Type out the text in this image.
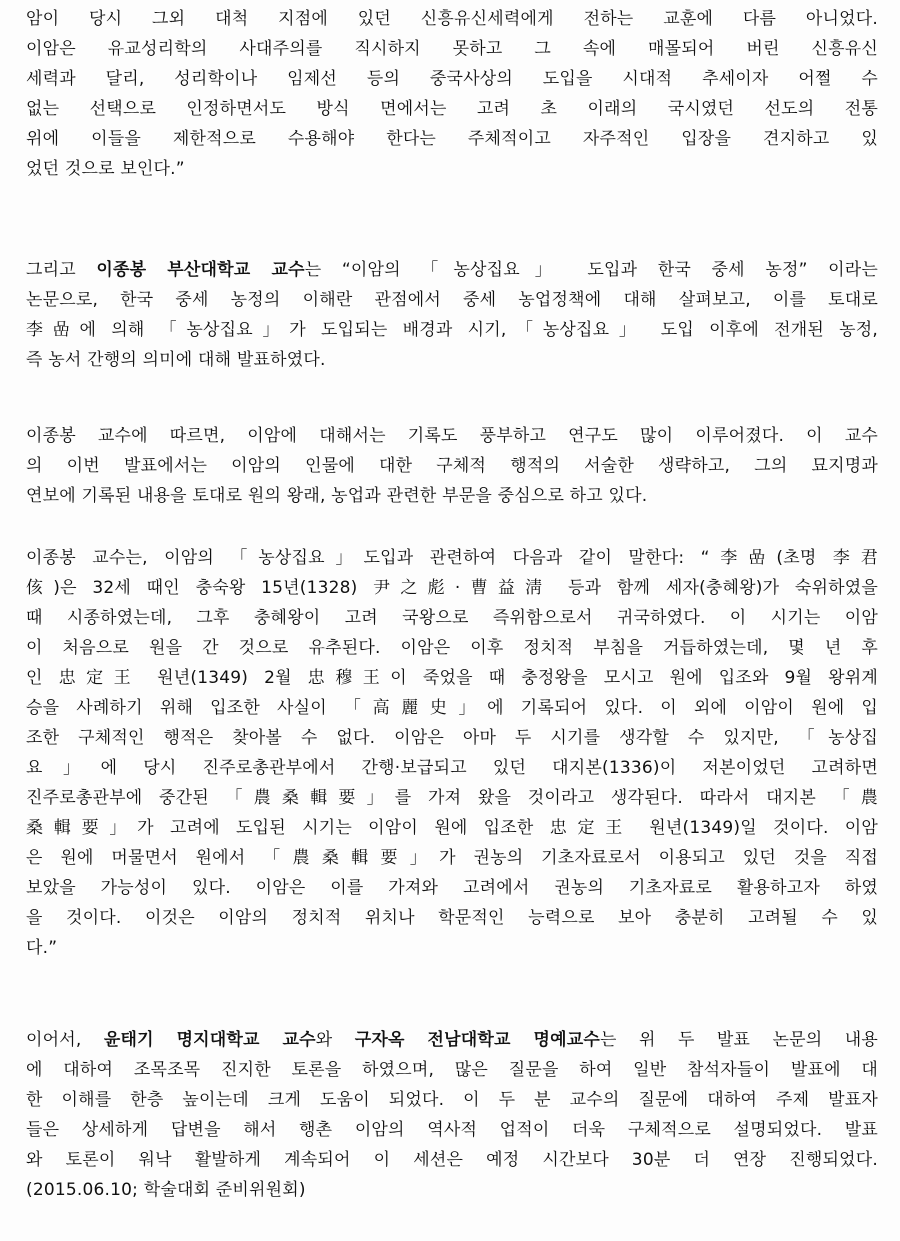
암이 당시 그외 대척 지점에 있던 신흥유신세력에게 전하는 교훈에 다름 아니었다.
이암은 유교성리학의 사대주의를 직시하지 못하고 그 속에 매몰되어 버린 신흥유신
세력과 달리, 성리학이나 임제선 등의 중국사상의 도입을 시대적 추세이자 어쩔 수
없는 선택으로 인정하면서도 방식 면에서는 고려 초 이래의 국시였던 선도의 전통
위에 이들을 제한적으로 수용해야 한다는 주체적이고 자주적인 입장을 견지하고 있
었던 것으로 보인다.”
그리고 이종봉 부산대학교 교수는 “이암의 「농상집요」 도입과 한국 중세 농정” 이라는
논문으로, 한국 중세 농정의 이해란 관점에서 중세 농업정책에 대해 살펴보고, 이를 토대로
李嵒에 의해 「농상집요」가 도입되는 배경과 시기,「농상집요」 도입 이후에 전개된 농정,
즉 농서 간행의 의미에 대해 발표하였다.
이종봉 교수에 따르면, 이암에 대해서는 기록도 풍부하고 연구도 많이 이루어졌다. 이 교수
의 이번 발표에서는 이암의 인물에 대한 구체적 행적의 서술한 생략하고, 그의 묘지명과
연보에 기록된 내용을 토대로 원의 왕래, 농업과 관련한 부문을 중심으로 하고 있다.
이종봉 교수는, 이암의 「농상집요」도입과 관련하여 다음과 같이 말한다: “李嵒(초명 李君
侅)은 32세 때인 충숙왕 15년(1328) 尹之彪·曹益淸 등과 함께 세자(충혜왕)가 숙위하였을
때 시종하였는데, 그후 충혜왕이 고려 국왕으로 즉위함으로서 귀국하였다. 이 시기는 이암
이 처음으로 원을 간 것으로 유추된다. 이암은 이후 정치적 부침을 거듭하였는데, 몇 년 후
인 忠定王 원년(1349) 2월 忠穆王이 죽었을 때 충정왕을 모시고 원에 입조와 9월 왕위계
승을 사례하기 위해 입조한 사실이 「高麗史」에 기록되어 있다. 이 외에 이암이 원에 입
조한 구체적인 행적은 찾아볼 수 없다. 이암은 아마 두 시기를 생각할 수 있지만, 「농상집
요」에 당시 진주로총관부에서 간행·보급되고 있던 대지본(1336)이 저본이었던 고려하면
진주로총관부에 중간된 「農桑輯要」를 가져 왔을 것이라고 생각된다. 따라서 대지본 「農
桑輯要」가 고려에 도입된 시기는 이암이 원에 입조한 忠定王 원년(1349)일 것이다. 이암
은 원에 머물면서 원에서 「農桑輯要」가 권농의 기초자료로서 이용되고 있던 것을 직접
보았을 가능성이 있다. 이암은 이를 가져와 고려에서 권농의 기초자료로 활용하고자 하였
을 것이다. 이것은 이암의 정치적 위치나 학문적인 능력으로 보아 충분히 고려될 수 있
다.”
이어서, 윤태기 명지대학교 교수와 구자옥 전남대학교 명예교수는 위 두 발표 논문의 내용
에 대하여 조목조목 진지한 토론을 하였으며, 많은 질문을 하여 일반 참석자들이 발표에 대
한 이해를 한층 높이는데 크게 도움이 되었다. 이 두 분 교수의 질문에 대하여 주제 발표자
들은 상세하게 답변을 해서 행촌 이암의 역사적 업적이 더욱 구체적으로 설명되었다. 발표
와 토론이 워낙 활발하게 계속되어 이 세션은 예정 시간보다 30분 더 연장 진행되었다.
(2015.06.10; 학술대회 준비위원회)
